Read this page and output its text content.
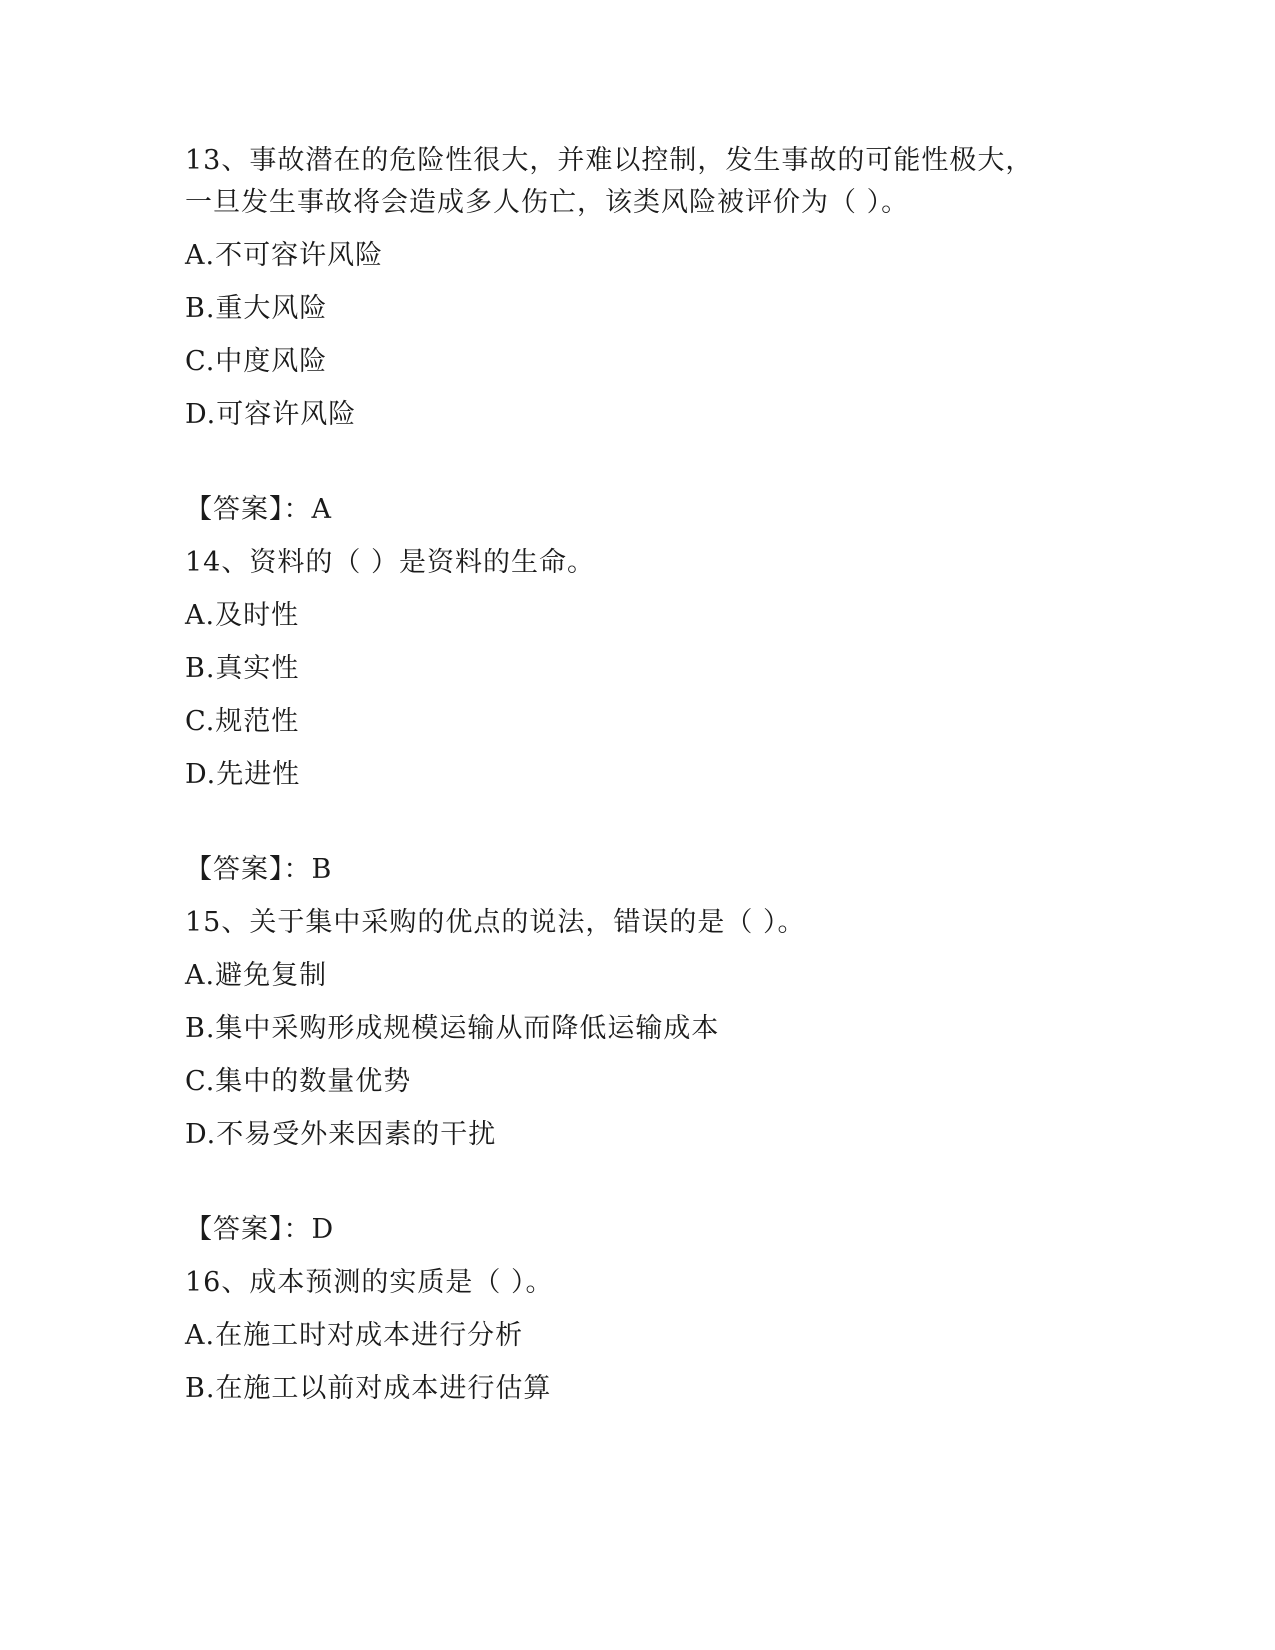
13、事故潜在的危险性很大，并难以控制，发生事故的可能性极大，
一旦发生事故将会造成多人伤亡，该类风险被评价为（ ）。
A.不可容许风险
B.重大风险
C.中度风险
D.可容许风险
【答案】：A
14、资料的（ ）是资料的生命。
A.及时性
B.真实性
C.规范性
D.先进性
【答案】：B
15、关于集中采购的优点的说法，错误的是（ ）。
A.避免复制
B.集中采购形成规模运输从而降低运输成本
C.集中的数量优势
D.不易受外来因素的干扰
【答案】：D
16、成本预测的实质是（ ）。
A.在施工时对成本进行分析
B.在施工以前对成本进行估算
